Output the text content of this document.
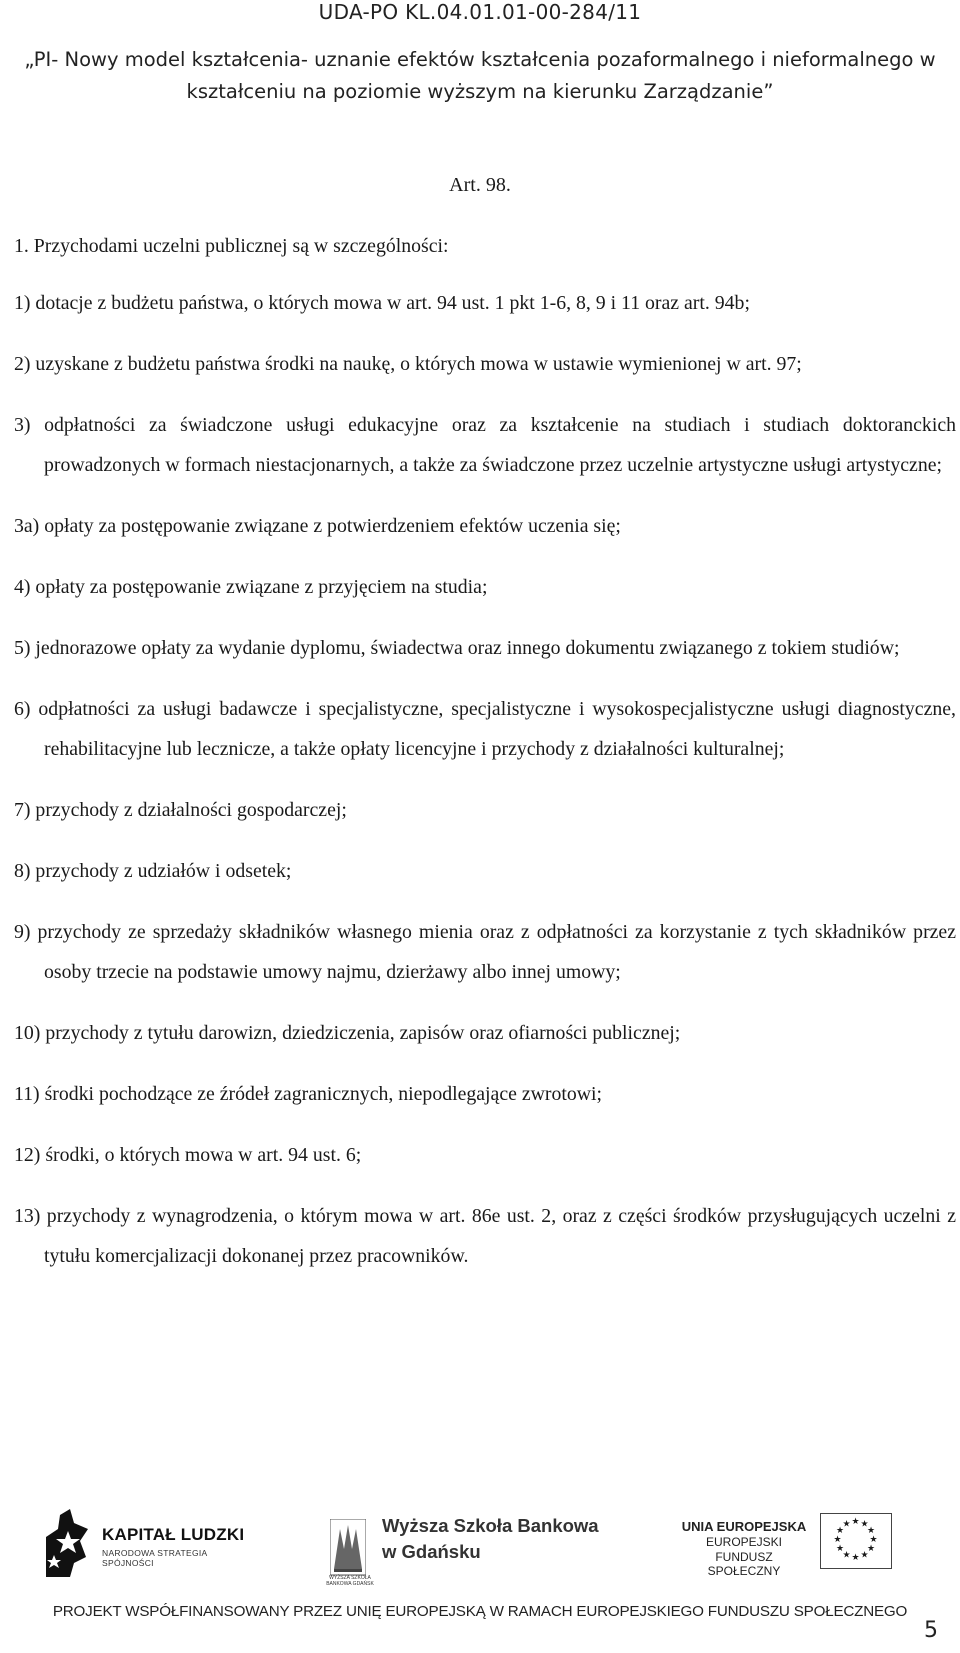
UDA-PO KL.04.01.01-00-284/11
„PI- Nowy model kształcenia- uznanie efektów kształcenia pozaformalnego i nieformalnego w kształceniu na poziomie wyższym na kierunku Zarządzanie”
Art. 98.
1. Przychodami uczelni publicznej są w szczególności:
1) dotacje z budżetu państwa, o których mowa w art. 94 ust. 1 pkt 1-6, 8, 9 i 11 oraz art. 94b;
2) uzyskane z budżetu państwa środki na naukę, o których mowa w ustawie wymienionej w art. 97;
3) odpłatności za świadczone usługi edukacyjne oraz za kształcenie na studiach i studiach doktoranckich prowadzonych w formach niestacjonarnych, a także za świadczone przez uczelnie artystyczne usługi artystyczne;
3a) opłaty za postępowanie związane z potwierdzeniem efektów uczenia się;
4) opłaty za postępowanie związane z przyjęciem na studia;
5) jednorazowe opłaty za wydanie dyplomu, świadectwa oraz innego dokumentu związanego z tokiem studiów;
6) odpłatności za usługi badawcze i specjalistyczne, specjalistyczne i wysokospecjalistyczne usługi diagnostyczne, rehabilitacyjne lub lecznicze, a także opłaty licencyjne i przychody z działalności kulturalnej;
7) przychody z działalności gospodarczej;
8) przychody z udziałów i odsetek;
9) przychody ze sprzedaży składników własnego mienia oraz z odpłatności za korzystanie z tych składników przez osoby trzecie na podstawie umowy najmu, dzierżawy albo innej umowy;
10) przychody z tytułu darowizn, dziedziczenia, zapisów oraz ofiarności publicznej;
11) środki pochodzące ze źródeł zagranicznych, niepodlegające zwrotowi;
12) środki, o których mowa w art. 94 ust. 6;
13) przychody z wynagrodzenia, o którym mowa w art. 86e ust. 2, oraz z części środków przysługujących uczelni z tytułu komercjalizacji dokonanej przez pracowników.
KAPITAŁ LUDZKI
NARODOWA STRATEGIA SPÓJNOŚCI
WYŻSZA SZKOŁA BANKOWA GDAŃSK
Wyższa Szkoła Bankowa
w Gdańsku
UNIA EUROPEJSKA
EUROPEJSKI
FUNDUSZ SPOŁECZNY
★ ★
★
★
★
★
★
★
★
★
★
★
PROJEKT WSPÓŁFINANSOWANY PRZEZ UNIĘ EUROPEJSKĄ W RAMACH EUROPEJSKIEGO FUNDUSZU SPOŁECZNEGO
5
